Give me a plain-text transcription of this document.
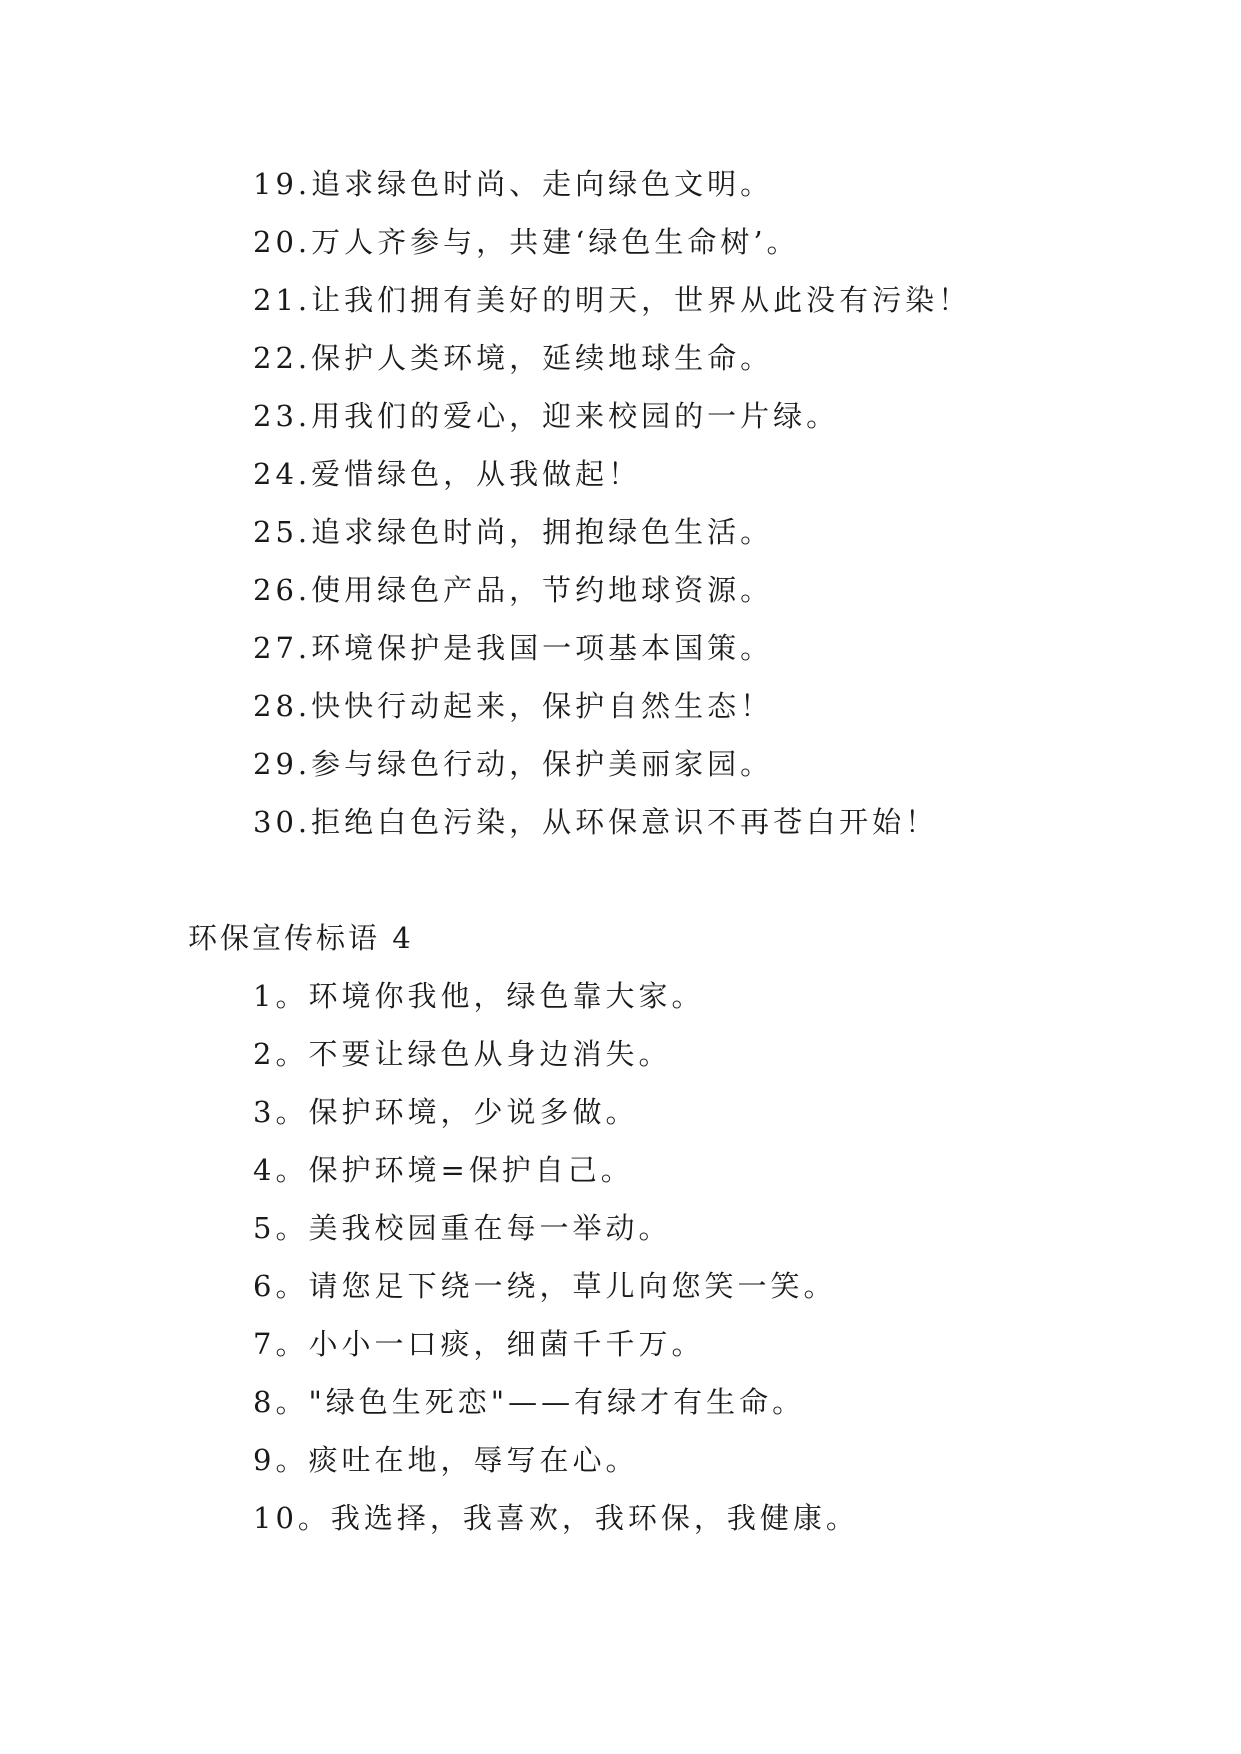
19.追求绿色时尚、走向绿色文明。
20.万人齐参与，共建‘绿色生命树’。
21.让我们拥有美好的明天，世界从此没有污染！
22.保护人类环境，延续地球生命。
23.用我们的爱心，迎来校园的一片绿。
24.爱惜绿色，从我做起！
25.追求绿色时尚，拥抱绿色生活。
26.使用绿色产品，节约地球资源。
27.环境保护是我国一项基本国策。
28.快快行动起来，保护自然生态！
29.参与绿色行动，保护美丽家园。
30.拒绝白色污染，从环保意识不再苍白开始！
环保宣传标语 4
1。环境你我他，绿色靠大家。
2。不要让绿色从身边消失。
3。保护环境，少说多做。
4。保护环境=保护自己。
5。美我校园重在每一举动。
6。请您足下绕一绕，草儿向您笑一笑。
7。小小一口痰，细菌千千万。
8。"绿色生死恋"——有绿才有生命。
9。痰吐在地，辱写在心。
10。我选择，我喜欢，我环保，我健康。
